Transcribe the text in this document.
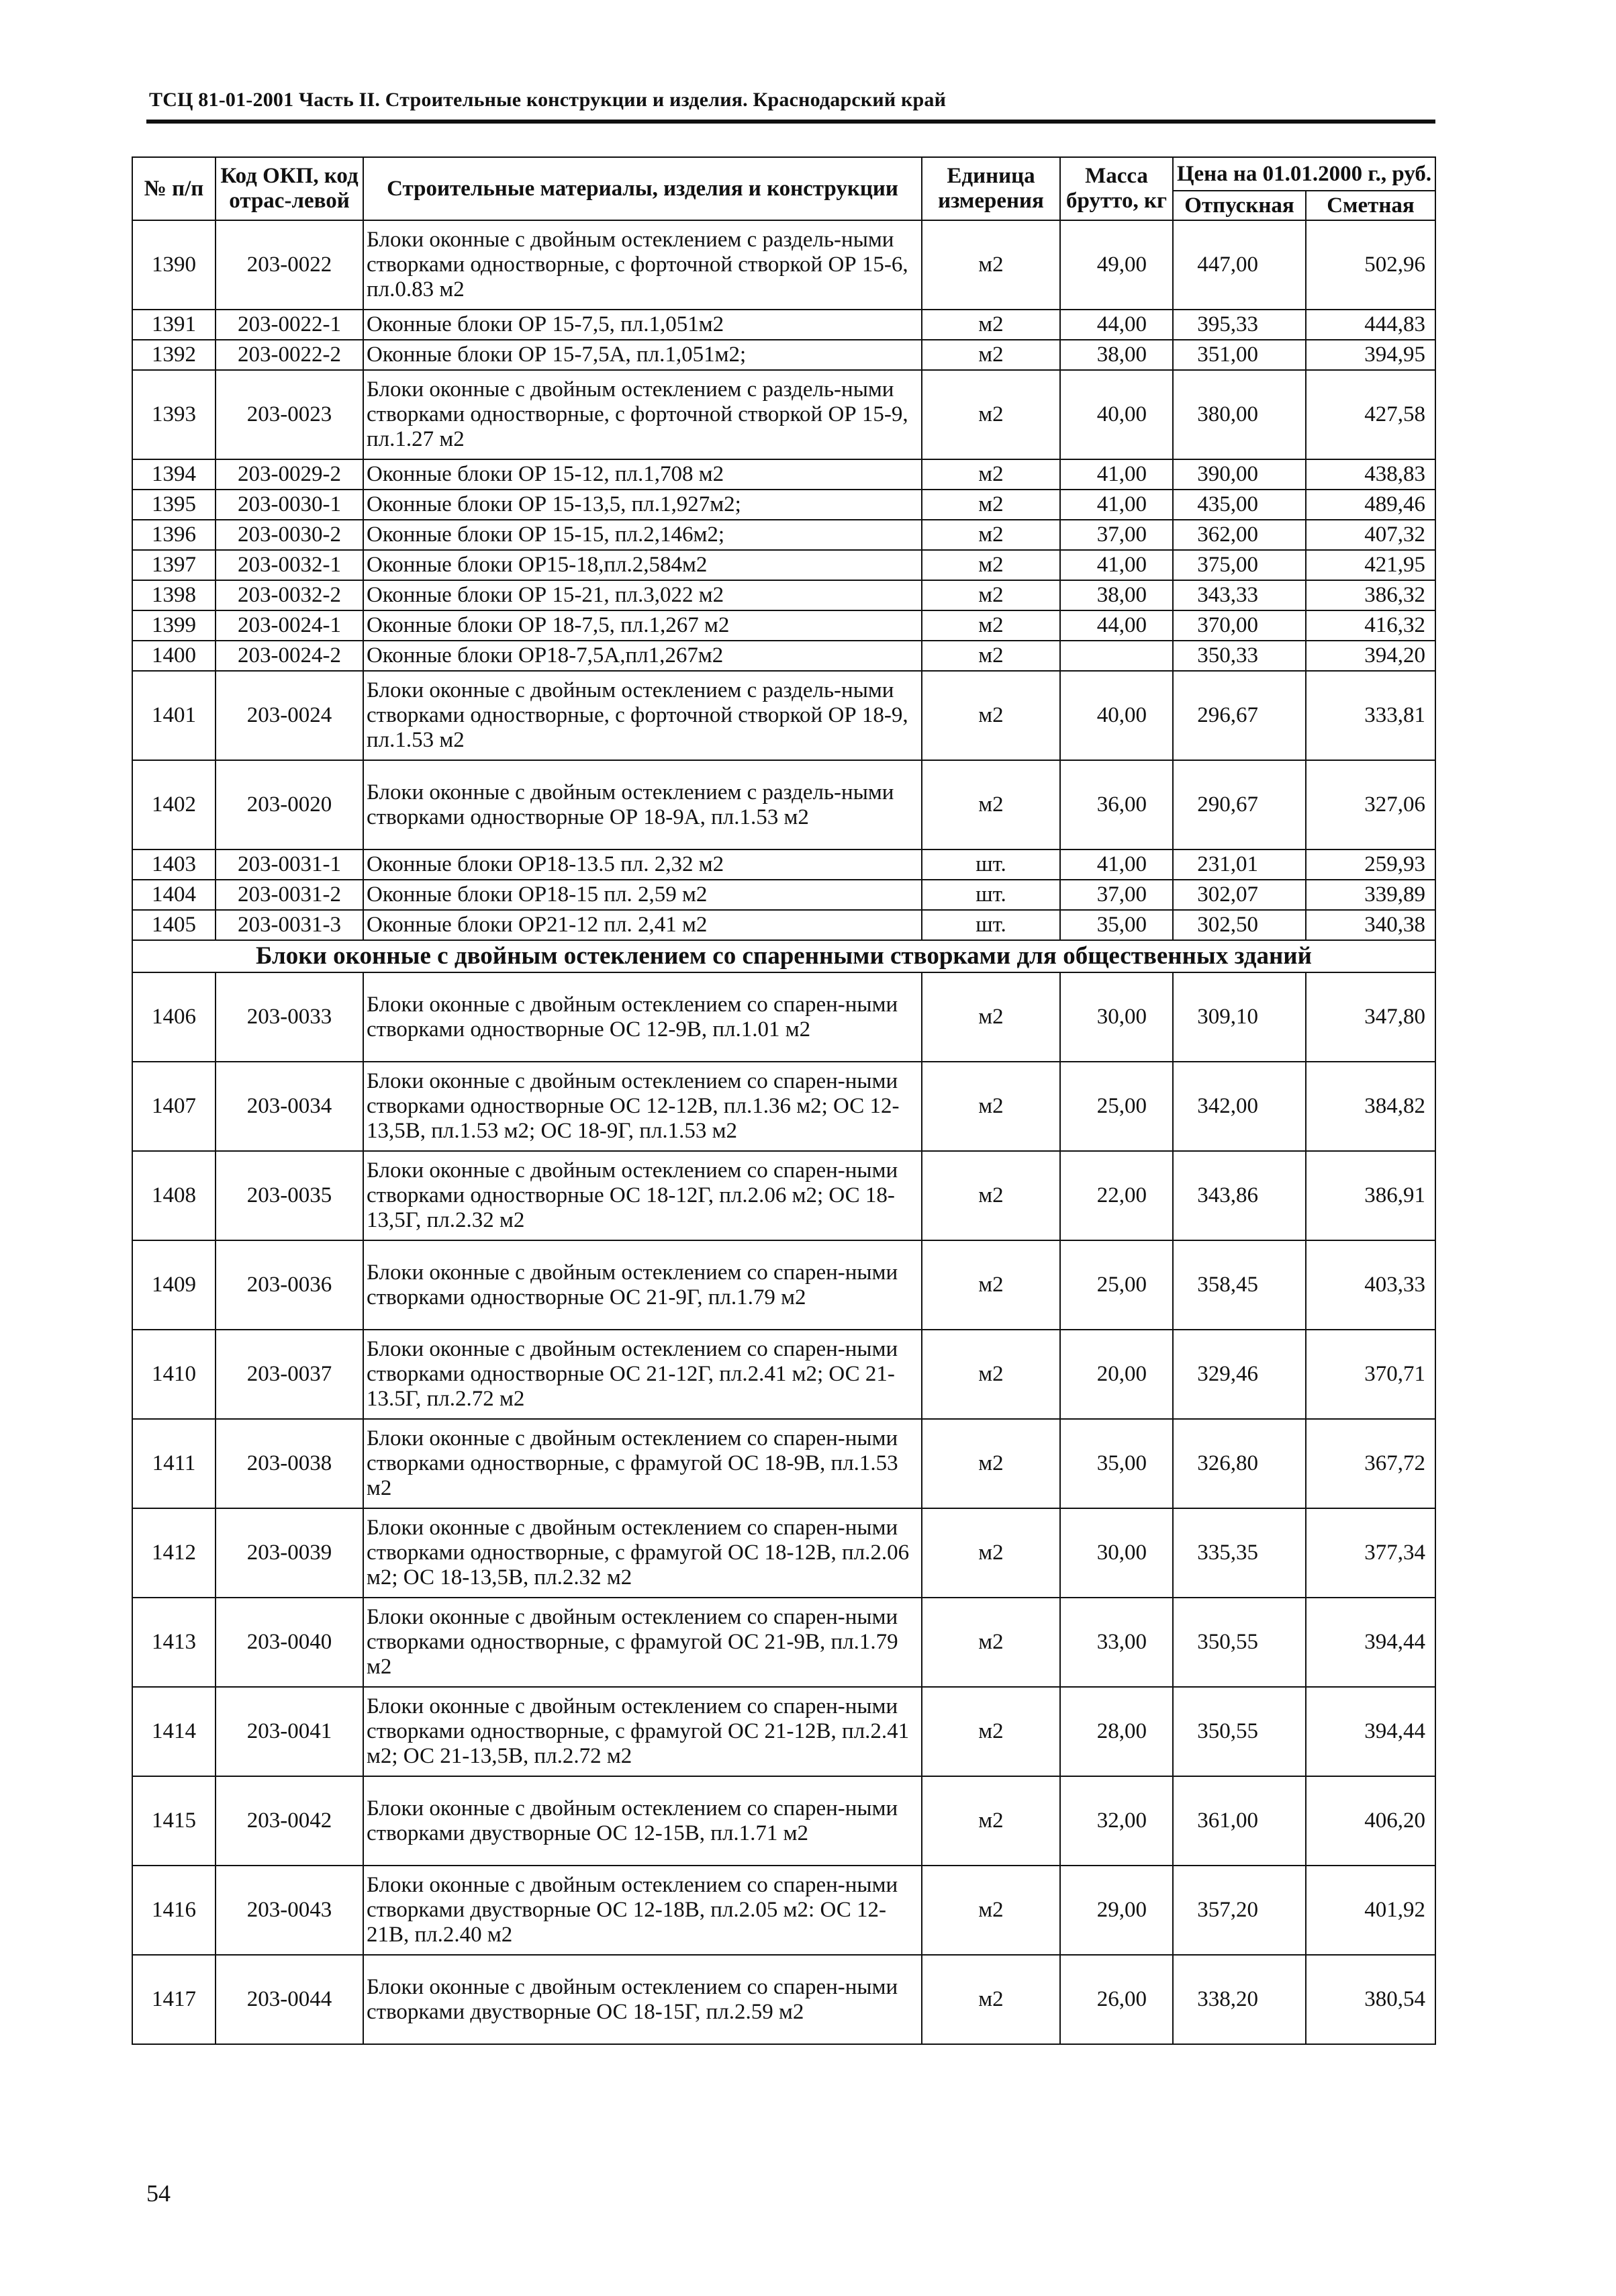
ТСЦ 81-01-2001 Часть II. Строительные конструкции и изделия. Краснодарский край
№ п/п	Код ОКП, код отрас-левой	Строительные материалы, изделия и конструкции	Единица измерения	Масса брутто, кг	Цена на 01.01.2000 г., руб.	
					Отпускная	Сметная
1390	203-0022	Блоки оконные с двойным остеклением с раздель-ными створками одностворные, с форточной створкой ОР 15-6, пл.0.83 м2	м2	49,00	447,00	502,96
1391	203-0022-1	Оконные блоки ОР 15-7,5, пл.1,051м2	м2	44,00	395,33	444,83
1392	203-0022-2	Оконные блоки ОР 15-7,5А, пл.1,051м2;	м2	38,00	351,00	394,95
1393	203-0023	Блоки оконные с двойным остеклением с раздель-ными створками одностворные, с форточной створкой ОР 15-9, пл.1.27 м2	м2	40,00	380,00	427,58
1394	203-0029-2	Оконные блоки ОР 15-12, пл.1,708 м2	м2	41,00	390,00	438,83
1395	203-0030-1	Оконные блоки ОР 15-13,5, пл.1,927м2;	м2	41,00	435,00	489,46
1396	203-0030-2	Оконные блоки ОР 15-15, пл.2,146м2;	м2	37,00	362,00	407,32
1397	203-0032-1	Оконные блоки ОР15-18,пл.2,584м2	м2	41,00	375,00	421,95
1398	203-0032-2	Оконные блоки ОР 15-21, пл.3,022 м2	м2	38,00	343,33	386,32
1399	203-0024-1	Оконные блоки ОР 18-7,5, пл.1,267 м2	м2	44,00	370,00	416,32
1400	203-0024-2	Оконные блоки ОР18-7,5А,пл1,267м2	м2		350,33	394,20
1401	203-0024	Блоки оконные с двойным остеклением с раздель-ными створками одностворные, с форточной створкой ОР 18-9, пл.1.53 м2	м2	40,00	296,67	333,81
1402	203-0020	Блоки оконные с двойным остеклением с раздель-ными створками одностворные ОР 18-9А, пл.1.53 м2	м2	36,00	290,67	327,06
1403	203-0031-1	Оконные блоки ОР18-13.5 пл. 2,32 м2	шт.	41,00	231,01	259,93
1404	203-0031-2	Оконные блоки ОР18-15 пл. 2,59 м2	шт.	37,00	302,07	339,89
1405	203-0031-3	Оконные блоки ОР21-12 пл. 2,41 м2	шт.	35,00	302,50	340,38
Блоки оконные с двойным остеклением со спаренными створками для общественных зданий						
1406	203-0033	Блоки оконные с двойным остеклением со спарен-ными створками одностворные ОС 12-9В, пл.1.01 м2	м2	30,00	309,10	347,80
1407	203-0034	Блоки оконные с двойным остеклением со спарен-ными створками одностворные ОС 12-12В, пл.1.36 м2; ОС 12-13,5В, пл.1.53 м2; ОС 18-9Г, пл.1.53 м2	м2	25,00	342,00	384,82
1408	203-0035	Блоки оконные с двойным остеклением со спарен-ными створками одностворные ОС 18-12Г, пл.2.06 м2; ОС 18-13,5Г, пл.2.32 м2	м2	22,00	343,86	386,91
1409	203-0036	Блоки оконные с двойным остеклением со спарен-ными створками одностворные ОС 21-9Г, пл.1.79 м2	м2	25,00	358,45	403,33
1410	203-0037	Блоки оконные с двойным остеклением со спарен-ными створками одностворные ОС 21-12Г, пл.2.41 м2; ОС 21-13.5Г, пл.2.72 м2	м2	20,00	329,46	370,71
1411	203-0038	Блоки оконные с двойным остеклением со спарен-ными створками одностворные, с фрамугой ОС 18-9В, пл.1.53 м2	м2	35,00	326,80	367,72
1412	203-0039	Блоки оконные с двойным остеклением со спарен-ными створками одностворные, с фрамугой ОС 18-12В, пл.2.06 м2; ОС 18-13,5В, пл.2.32 м2	м2	30,00	335,35	377,34
1413	203-0040	Блоки оконные с двойным остеклением со спарен-ными створками одностворные, с фрамугой ОС 21-9В, пл.1.79 м2	м2	33,00	350,55	394,44
1414	203-0041	Блоки оконные с двойным остеклением со спарен-ными створками одностворные, с фрамугой ОС 21-12В, пл.2.41 м2; ОС 21-13,5В, пл.2.72 м2	м2	28,00	350,55	394,44
1415	203-0042	Блоки оконные с двойным остеклением со спарен-ными створками двустворные ОС 12-15В, пл.1.71 м2	м2	32,00	361,00	406,20
1416	203-0043	Блоки оконные с двойным остеклением со спарен-ными створками двустворные ОС 12-18В, пл.2.05 м2: ОС 12-21В, пл.2.40 м2	м2	29,00	357,20	401,92
1417	203-0044	Блоки оконные с двойным остеклением со спарен-ными створками двустворные ОС 18-15Г, пл.2.59 м2	м2	26,00	338,20	380,54
54
